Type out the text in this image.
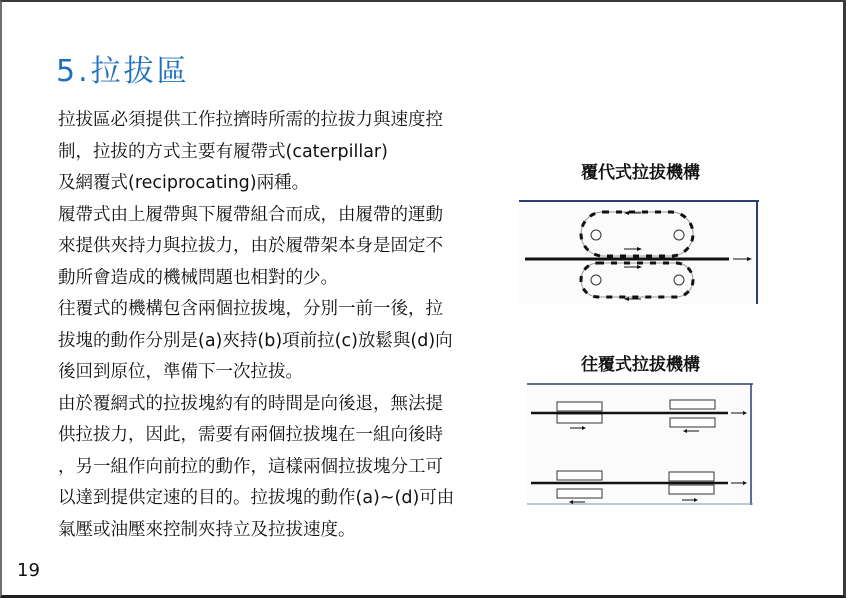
5.拉拔區
拉拔區必須提供工作拉擠時所需的拉拔力與速度控
制，拉拔的方式主要有履帶式(caterpillar)
及網覆式(reciprocating)兩種。
履帶式由上履帶與下履帶組合而成，由履帶的運動
來提供夾持力與拉拔力，由於履帶架本身是固定不
動所會造成的機械問題也相對的少。
往覆式的機構包含兩個拉拔塊，分別一前一後，拉
拔塊的動作分別是(a)夾持(b)項前拉(c)放鬆與(d)向
後回到原位，準備下一次拉拔。
由於覆網式的拉拔塊約有的時間是向後退，無法提
供拉拔力，因此，需要有兩個拉拔塊在一組向後時
，另一組作向前拉的動作，這樣兩個拉拔塊分工可
以達到提供定速的目的。拉拔塊的動作(a)~(d)可由
氣壓或油壓來控制夾持立及拉拔速度。
覆代式拉拔機構
往覆式拉拔機構
19
